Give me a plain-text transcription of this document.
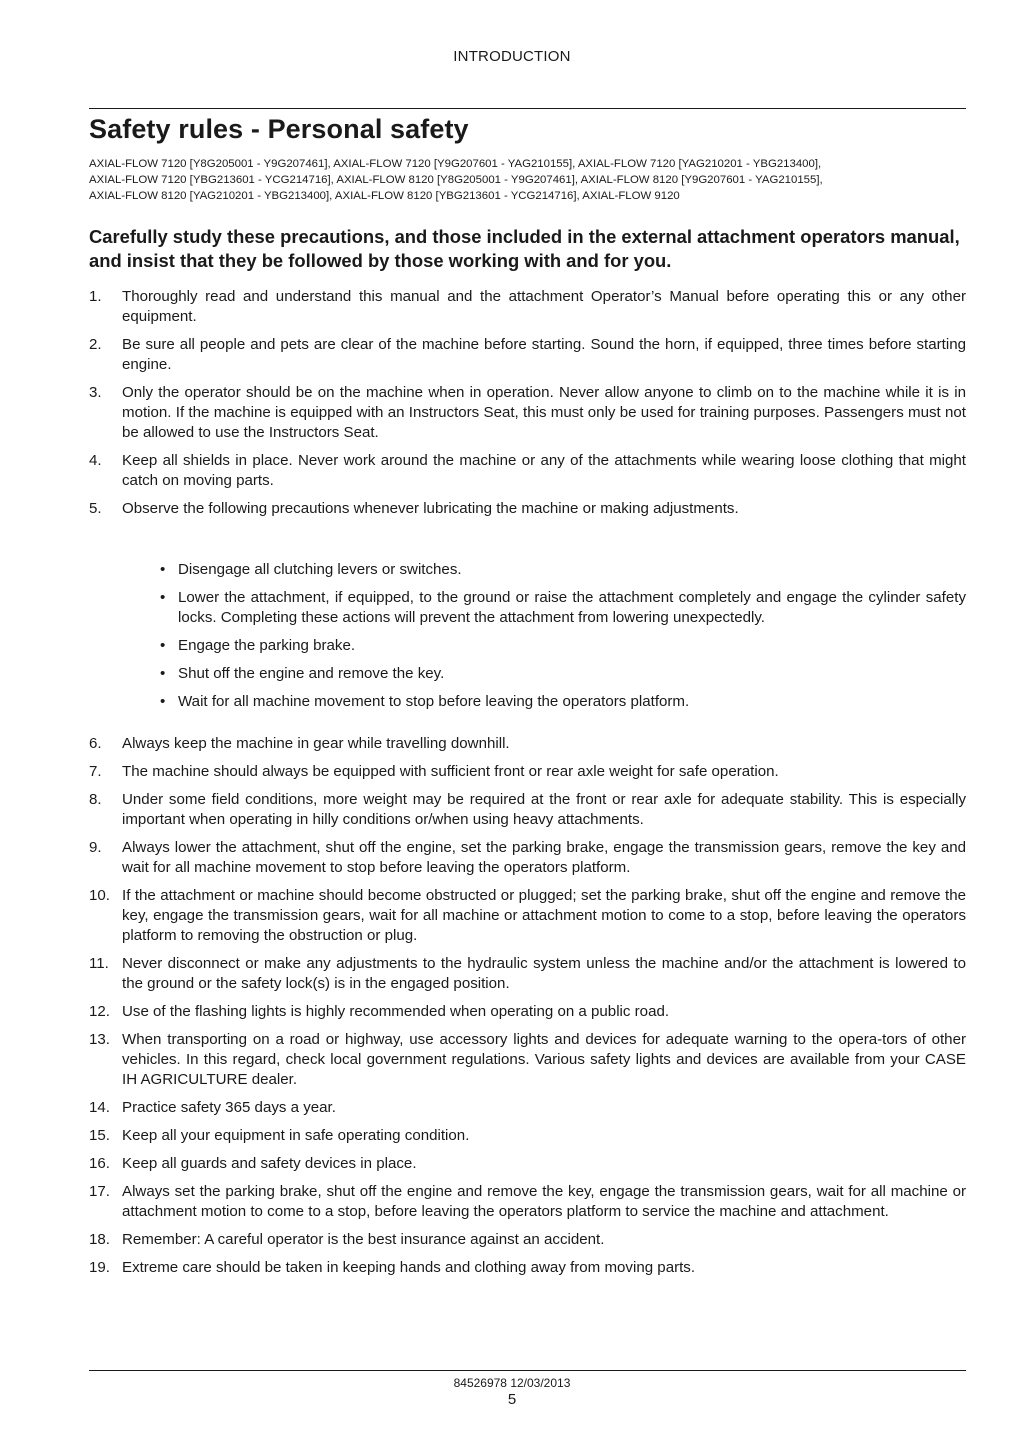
INTRODUCTION
Safety rules - Personal safety
AXIAL-FLOW 7120 [Y8G205001 - Y9G207461], AXIAL-FLOW 7120 [Y9G207601 - YAG210155], AXIAL-FLOW 7120 [YAG210201 - YBG213400],
AXIAL-FLOW 7120 [YBG213601 - YCG214716], AXIAL-FLOW 8120 [Y8G205001 - Y9G207461], AXIAL-FLOW 8120 [Y9G207601 - YAG210155],
AXIAL-FLOW 8120 [YAG210201 - YBG213400], AXIAL-FLOW 8120 [YBG213601 - YCG214716], AXIAL-FLOW 9120

Carefully study these precautions, and those included in the external attachment operators manual, and insist that they be followed by those working with and for you.

1. Thoroughly read and understand this manual and the attachment Operator’s Manual before operating this or any other equipment.
2. Be sure all people and pets are clear of the machine before starting. Sound the horn, if equipped, three times before starting engine.
3. Only the operator should be on the machine when in operation. Never allow anyone to climb on to the machine while it is in motion. If the machine is equipped with an Instructors Seat, this must only be used for training purposes. Passengers must not be allowed to use the Instructors Seat.
4. Keep all shields in place. Never work around the machine or any of the attachments while wearing loose clothing that might catch on moving parts.
5. Observe the following precautions whenever lubricating the machine or making adjustments.
• Disengage all clutching levers or switches.
• Lower the attachment, if equipped, to the ground or raise the attachment completely and engage the cylinder safety locks. Completing these actions will prevent the attachment from lowering unexpectedly.
• Engage the parking brake.
• Shut off the engine and remove the key.
• Wait for all machine movement to stop before leaving the operators platform.
6. Always keep the machine in gear while travelling downhill.
7. The machine should always be equipped with sufficient front or rear axle weight for safe operation.
8. Under some field conditions, more weight may be required at the front or rear axle for adequate stability. This is especially important when operating in hilly conditions or/when using heavy attachments.
9. Always lower the attachment, shut off the engine, set the parking brake, engage the transmission gears, remove the key and wait for all machine movement to stop before leaving the operators platform.
10. If the attachment or machine should become obstructed or plugged; set the parking brake, shut off the engine and remove the key, engage the transmission gears, wait for all machine or attachment motion to come to a stop, before leaving the operators platform to removing the obstruction or plug.
11. Never disconnect or make any adjustments to the hydraulic system unless the machine and/or the attachment is lowered to the ground or the safety lock(s) is in the engaged position.
12. Use of the flashing lights is highly recommended when operating on a public road.
13. When transporting on a road or highway, use accessory lights and devices for adequate warning to the opera-tors of other vehicles. In this regard, check local government regulations. Various safety lights and devices are available from your CASE IH AGRICULTURE dealer.
14. Practice safety 365 days a year.
15. Keep all your equipment in safe operating condition.
16. Keep all guards and safety devices in place.
17. Always set the parking brake, shut off the engine and remove the key, engage the transmission gears, wait for all machine or attachment motion to come to a stop, before leaving the operators platform to service the machine and attachment.
18. Remember: A careful operator is the best insurance against an accident.
19. Extreme care should be taken in keeping hands and clothing away from moving parts.
84526978 12/03/2013
5
